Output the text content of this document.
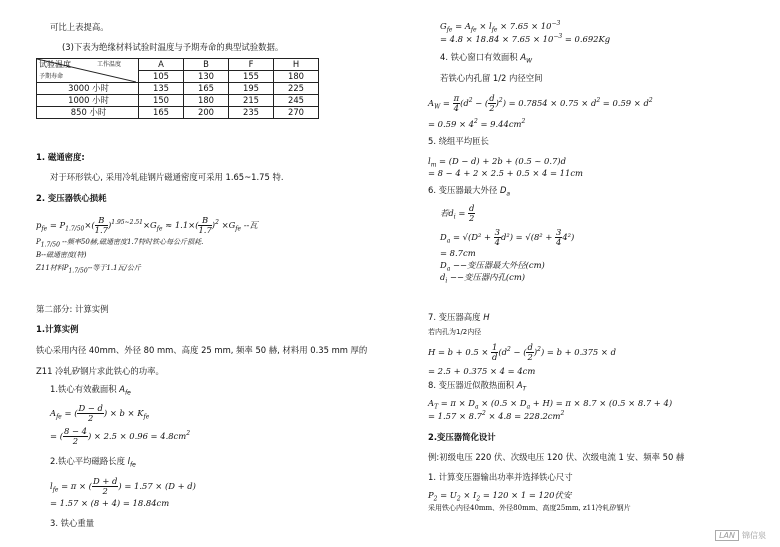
可比上表提高。
(3)下表为绝缘材料试验时温度与予期寿命的典型试验数据。
试验温度 工作温度
予期寿命	A	B	F	H
	105	130	155	180
3000 小时	135	165	195	225
1000 小时	150	180	215	245
850 小时	165	200	235	270
1. 磁通密度:
对于环形铁心, 采用冷轧硅钢片磁通密度可采用 1.65~1.75 特.
2. 变压器铁心损耗
$p_{fe} = P_{1.7/50}\times( \frac{B}{1.7} )^{1.95\sim 2.51}\times G_{fe} \approx 1.1\times( \frac{B}{1.7} )^2 \times G_{fe}$ --瓦
$P_{1.7/50}$ --频率50赫,磁通密度1.7特时铁心每公斤损耗.
B--磁通密度(特)
Z11材料$P_{1.7/50}--$等于1.1瓦/公斤
第二部分: 计算实例
1.计算实例
铁心采用内径 40mm、外径 80 mm、高度 25 mm, 频率 50 赫, 材料用 0.35 mm 厚的
Z11 冷轧矽钢片求此铁心的功率。
1.铁心有效截面积 $A_{fe}$
$A_{fe}$ = ( $\frac{D - d}{2}$ ) × $b \times K_{fe}$
= ( $\frac{8 - 4}{2}$ ) × $2.5 \times 0.96 = 4.8cm^2$
2.铁心平均磁路长度 $l_{fe}$
$l_{fe} = \pi$ × ( $\frac{D + d}{2}$ ) = 1.57 × (D + d)
= 1.57 × (8 + 4) = 18.84cm
3. 铁心重量
$G_{fe} = A_{fe} \times l_{fe} \times 7.65 \times 10^{-3}$
= $4.8 \times 18.84 \times 7.65 \times 10^{-3} = 0.692Kg$
4. 铁心窗口有效面积 $A_W$
若铁心内孔留 1/2 内径空间
$A_W = \frac{\pi}{4} (d^2$ − ( $\frac{d}{2} )^2) = 0.7854 \times 0.75 \times d^2 = 0.59 \times d^2$
= $0.59 \times 4^2 = 9.44cm^2$
5. 绕组平均匝长
$l_m = (D - d) + 2b + (0.5$ ~ 0.7)d
= 8 − 4 + 2 × 2.5 + 0.5 × 4 = 11cm
6. 变压器最大外径 $D_a$
若$d_i = \frac{d}{2}$
$D_a = √(D^2 + \frac{3}{4} d^2) = √(8^2 + \frac{3}{4} 4^2)$
= 8.7cm
$D_a$ −−变压器最大外径(cm)
$d_i$ −−变压器内孔(cm)
7. 变压器高度 H
若内孔为1/2内径
$H = b + 0.5 \times \frac{1}{d} (d^2$ − ( $\frac{d}{2} )^2) = b + 0.375 \times d$
= 2.5 + 0.375 × 4 = 4cm
8. 变压器近似散热面积 $A_T$
$A_T = \pi \times D_a \times (0.5 \times D_a + H) = \pi \times 8.7 \times (0.5 \times 8.7 + 4)$
= $1.57 \times 8.7^2 \times 4.8 = 228.2cm^2$
2.变压器简化设计
例:初级电压 220 伏、次级电压 120 伏、次级电流 1 安、频率 50 赫
1. 计算变压器输出功率并选择铁心尺寸
$P_2 = U_2 \times I_2 = 120 \times 1 = 120$伏安
采用铁心内径40mm、外径80mm、高度25mm, z11冷轧矽钢片
LAN 锦信泉
